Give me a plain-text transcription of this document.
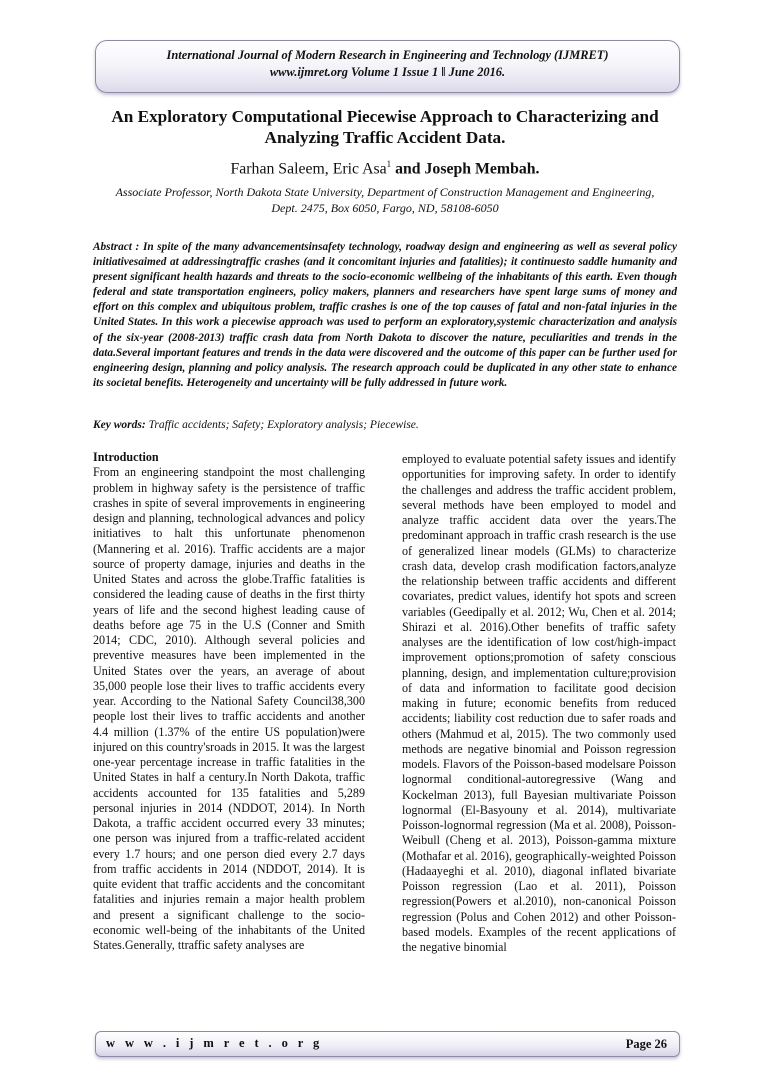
International Journal of Modern Research in Engineering and Technology (IJMRET)
www.ijmret.org Volume 1 Issue 1 ǁ June 2016.
An Exploratory Computational Piecewise Approach to Characterizing and
Analyzing Traffic Accident Data.
Farhan Saleem, Eric Asa$^1$ and Joseph Membah.
Associate Professor, North Dakota State University, Department of Construction Management and Engineering,
Dept. 2475, Box 6050, Fargo, ND, 58108-6050
Abstract : In spite of the many advancementsinsafety technology, roadway design and engineering as well as several policy initiativesaimed at addressingtraffic crashes (and it concomitant injuries and fatalities); it continuesto saddle humanity and present significant health hazards and threats to the socio-economic wellbeing of the inhabitants of this earth. Even though federal and state transportation engineers, policy makers, planners and researchers have spent large sums of money and effort on this complex and ubiquitous problem, traffic crashes is one of the top causes of fatal and non-fatal injuries in the United States. In this work a piecewise approach was used to perform an exploratory,systemic characterization and analysis of the six-year (2008-2013) traffic crash data from North Dakota to discover the nature, peculiarities and trends in the data.Several important features and trends in the data were discovered and the outcome of this paper can be further used for engineering design, planning and policy analysis. The research approach could be duplicated in any other state to enhance its societal benefits. Heterogeneity and uncertainty will be fully addressed in future work.
Key words: Traffic accidents; Safety; Exploratory analysis; Piecewise.
Introduction

From an engineering standpoint the most challenging problem in highway safety is the persistence of traffic crashes in spite of several improvements in engineering design and planning, technological advances and policy initiatives to halt this unfortunate phenomenon (Mannering et al. 2016). Traffic accidents are a major source of property damage, injuries and deaths in the United States and across the globe.Traffic fatalities is considered the leading cause of deaths in the first thirty years of life and the second highest leading cause of deaths before age 75 in the U.S (Conner and Smith 2014; CDC, 2010). Although several policies and preventive measures have been implemented in the United States over the years, an average of about 35,000 people lose their lives to traffic accidents every year. According to the National Safety Council38,300 people lost their lives to traffic accidents and another 4.4 million (1.37% of the entire US population)were injured on this country'sroads in 2015. It was the largest one-year percentage increase in traffic fatalities in the United States in half a century.In North Dakota, traffic accidents accounted for 135 fatalities and 5,289 personal injuries in 2014 (NDDOT, 2014). In North Dakota, a traffic accident occurred every 33 minutes; one person was injured from a traffic-related accident every 1.7 hours; and one person died every 2.7 days from traffic accidents in 2014 (NDDOT, 2014). It is quite evident that traffic accidents and the concomitant fatalities and injuries remain a major health problem and present a significant challenge to the socio-economic well-being of the inhabitants of the United States.Generally, ttraffic safety analyses are

employed to evaluate potential safety issues and identify opportunities for improving safety. In order to identify the challenges and address the traffic accident problem, several methods have been employed to model and analyze traffic accident data over the years.The predominant approach in traffic crash research is the use of generalized linear models (GLMs) to characterize crash data, develop crash modification factors,analyze the relationship between traffic accidents and different covariates, predict values, identify hot spots and screen variables (Geedipally et al. 2012; Wu, Chen et al. 2014; Shirazi et al. 2016).Other benefits of traffic safety analyses are the identification of low cost/high-impact improvement options;promotion of safety conscious planning, design, and implementation culture;provision of data and information to facilitate good decision making in future; economic benefits from reduced accidents; liability cost reduction due to safer roads and others (Mahmud et al, 2015). The two commonly used methods are negative binomial and Poisson regression models. Flavors of the Poisson-based modelsare Poisson lognormal conditional-autoregressive (Wang and Kockelman 2013), full Bayesian multivariate Poisson lognormal (El-Basyouny et al. 2014), multivariate Poisson-lognormal regression (Ma et al. 2008), Poisson-Weibull (Cheng et al. 2013), Poisson-gamma mixture (Mothafar et al. 2016), geographically-weighted Poisson (Hadaayeghi et al. 2010), diagonal inflated bivariate Poisson regression (Lao et al. 2011), Poisson regression(Powers et al.2010), non-canonical Poisson regression (Polus and Cohen 2012) and other Poisson-based models. Examples of the recent applications of the negative binomial

w w w . i j m r e t . o r g	Page 26
